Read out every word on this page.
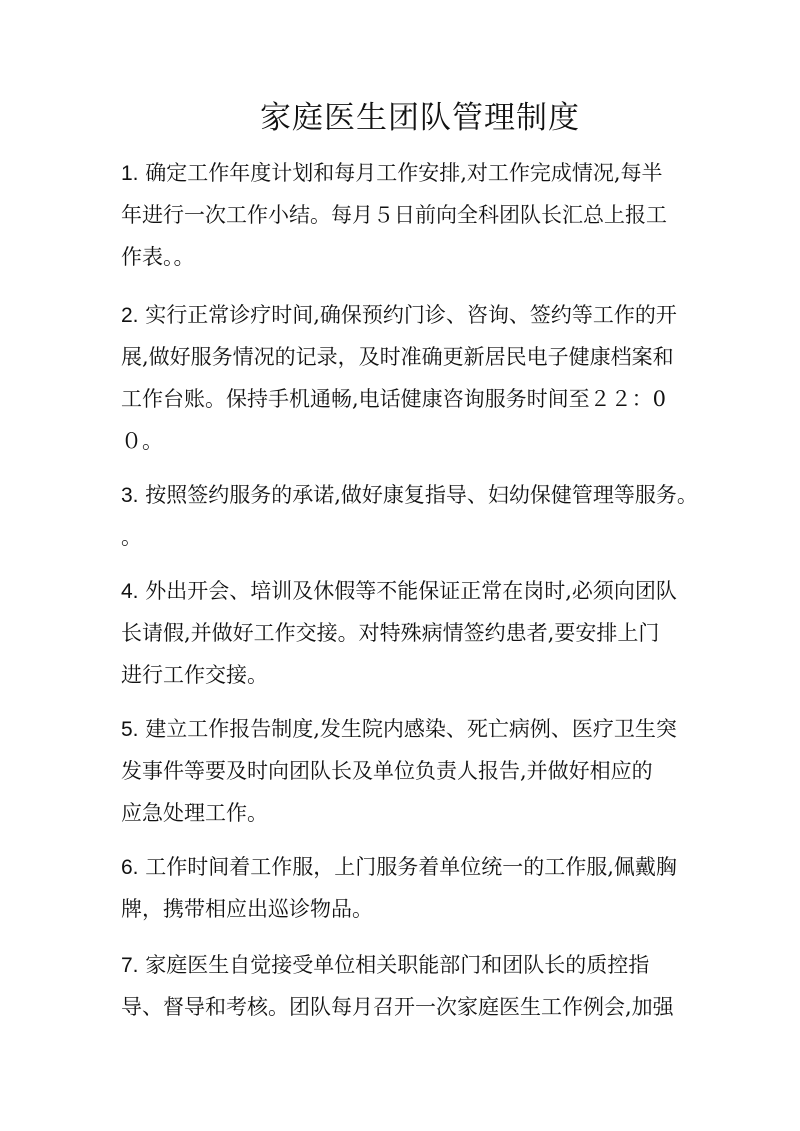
家庭医生团队管理制度
1. 确定工作年度计划和每月工作安排,对工作完成情况,每半
年进行一次工作小结。每月５日前向全科团队长汇总上报工
作表。。
2. 实行正常诊疗时间,确保预约门诊、咨询、签约等工作的开
展,做好服务情况的记录，及时准确更新居民电子健康档案和
工作台账。保持手机通畅,电话健康咨询服务时间至２２：0
０。
3. 按照签约服务的承诺,做好康复指导、妇幼保健管理等服务。
。
4. 外出开会、培训及休假等不能保证正常在岗时,必须向团队
长请假,并做好工作交接。对特殊病情签约患者,要安排上门
进行工作交接。
5. 建立工作报告制度,发生院内感染、死亡病例、医疗卫生突
发事件等要及时向团队长及单位负责人报告,并做好相应的
应急处理工作。
6. 工作时间着工作服，上门服务着单位统一的工作服,佩戴胸
牌，携带相应出巡诊物品。
7. 家庭医生自觉接受单位相关职能部门和团队长的质控指
导、督导和考核。团队每月召开一次家庭医生工作例会,加强
